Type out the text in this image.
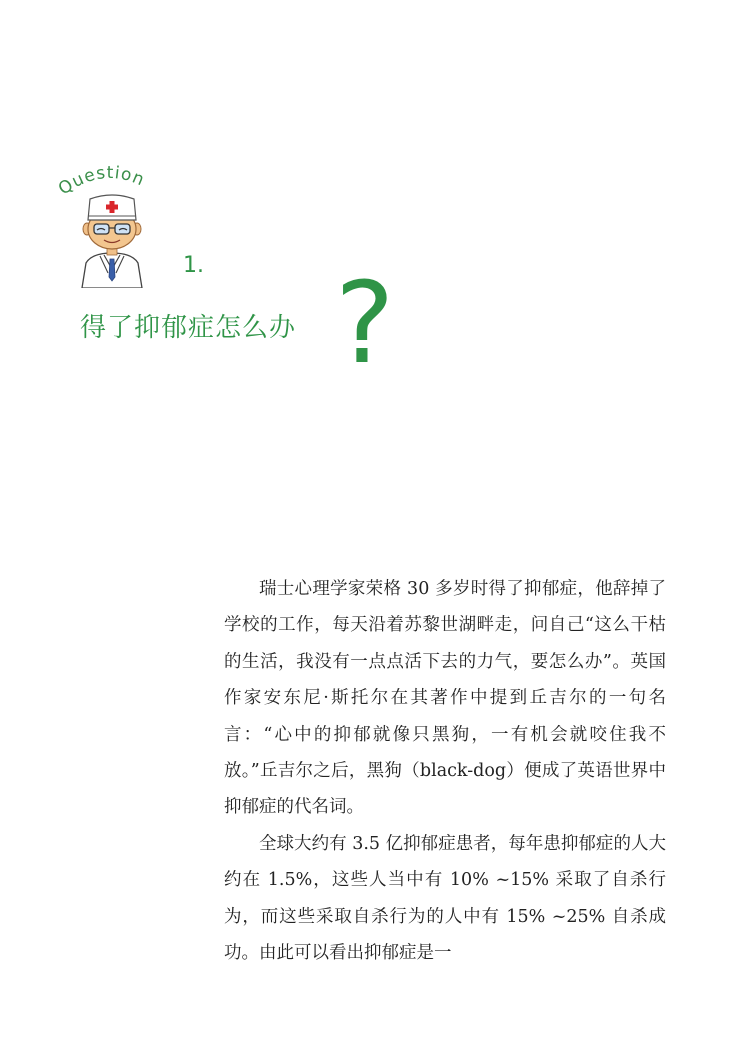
Question
1.
得了抑郁症怎么办 ?

瑞士心理学家荣格 30 多岁时得了抑郁症，他辞掉了学校的工作，每天沿着苏黎世湖畔走，问自己“这么干枯的生活，我没有一点点活下去的力气，要怎么办”。英国作家安东尼·斯托尔在其著作中提到丘吉尔的一句名言：“心中的抑郁就像只黑狗，一有机会就咬住我不放。”丘吉尔之后，黑狗（black-dog）便成了英语世界中抑郁症的代名词。

全球大约有 3.5 亿抑郁症患者，每年患抑郁症的人大约在 1.5%，这些人当中有 10% ~15% 采取了自杀行为，而这些采取自杀行为的人中有 15% ~25% 自杀成功。由此可以看出抑郁症是一
